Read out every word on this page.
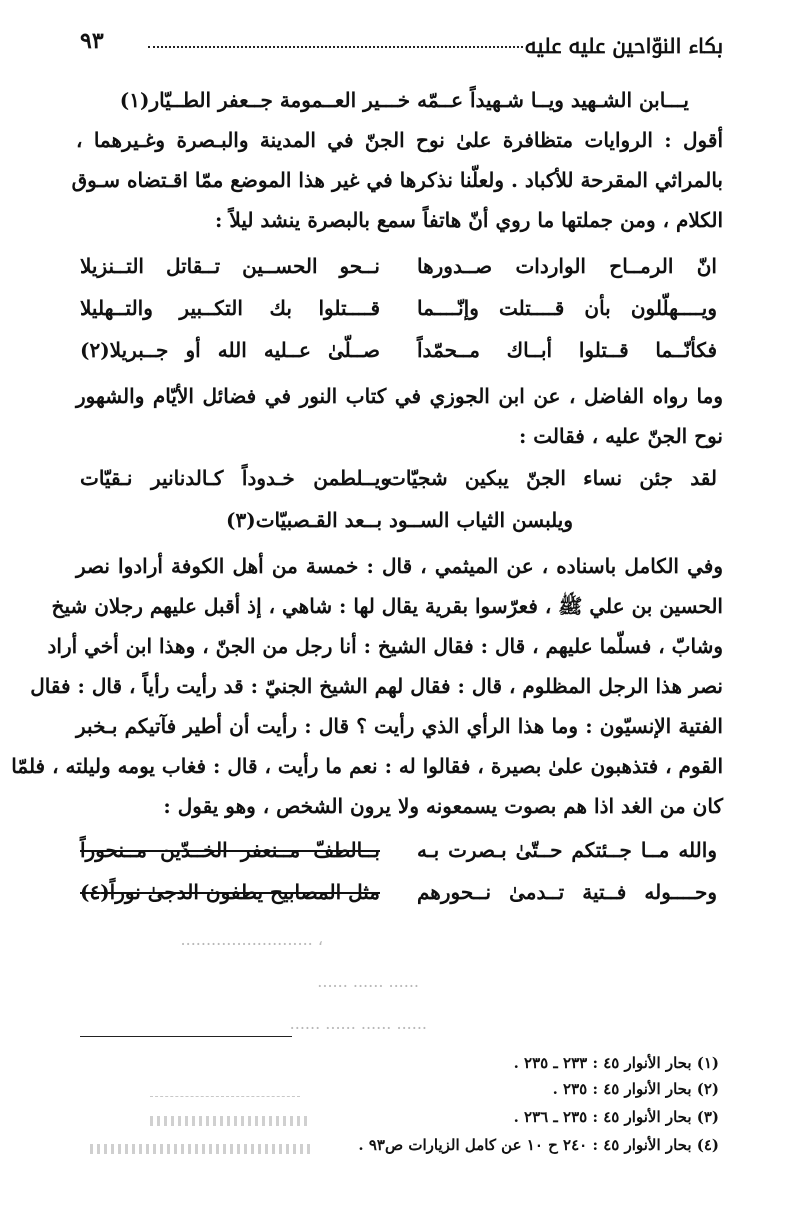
بكاء النوّاحين عليه ﷷ
٩٣
يـــابن الشـهيد ويــا شـهيداً عــمّه خـــير العــمومة جــعفر الطــيّار(١)
أقول : الروايات متظافرة علىٰ نوح الجنّ في المدينة والبـصرة وغـيرهما ،
بالمراثي المقرحة للأكباد . ولعلّنا نذكرها في غير هذا الموضع ممّا اقـتضاه سـوق
الكلام ، ومن جملتها ما روي أنّ هاتفاً سمع بالبصرة ينشد ليلاً :
انّ الرمــاح الواردات صــدورها
نــحو الحســين تــقاتل التــنزيلا
ويــــهلّلون بأن قــــتلت وإنّــــما
قــــتلوا بك التكــبير والتــهليلا
فكأنّــما قــتلوا أبــاك مــحمّداً
صــلّىٰ عــليه الله أو جــبريلا(٢)
وما رواه الفاضل ، عن ابن الجوزي في كتاب النور في فضائل الأيّام والشهور
نوح الجنّ عليه ، فقالت :
لقد جئن نساء الجنّ يبكين شجيّات
ويــلطمن خـدوداً كـالدنانير نـقيّات
ويلبسن الثياب الســود بــعد القـصبيّات(٣)
وفي الكامل باسناده ، عن الميثمي ، قال : خمسة من أهل الكوفة أرادوا نصر
الحسين بن علي ﷺ ، فعرّسوا بقرية يقال لها : شاهي ، إذ أقبل عليهم رجلان شيخ
وشابّ ، فسلّما عليهم ، قال : فقال الشيخ : أنا رجل من الجنّ ، وهذا ابن أخي أراد
نصر هذا الرجل المظلوم ، قال : فقال لهم الشيخ الجنيّ : قد رأيت رأياً ، قال : فقال
الفتية الإنسيّون : وما هذا الرأي الذي رأيت ؟ قال : رأيت أن أطير فآتيكم بـخبر
القوم ، فتذهبون علىٰ بصيرة ، فقالوا له : نعم ما رأيت ، قال : فغاب يومه وليلته ، فلمّا
كان من الغد اذا هم بصوت يسمعونه ولا يرون الشخص ، وهو يقول :
والله مــا جــئتكم حــتّىٰ بـصرت بـه
بــالطفّ مــنعفر الخــدّين مــنحوراً
وحــــوله فــتية تــدمىٰ نــحورهم
مثل المصابيح يطفون الدجىٰ نوراً(٤)
، ..........................
...... ...... ......
...... ...... ...... ......
(١) بحار الأنوار ٤٥ : ٢٣٣ ـ ٢٣٥ .
(٢) بحار الأنوار ٤٥ : ٢٣٥ .
(٣) بحار الأنوار ٤٥ : ٢٣٥ ـ ٢٣٦ .
(٤) بحار الأنوار ٤٥ : ٢٤٠ ح ١٠ عن كامل الزيارات ص٩٣ .
